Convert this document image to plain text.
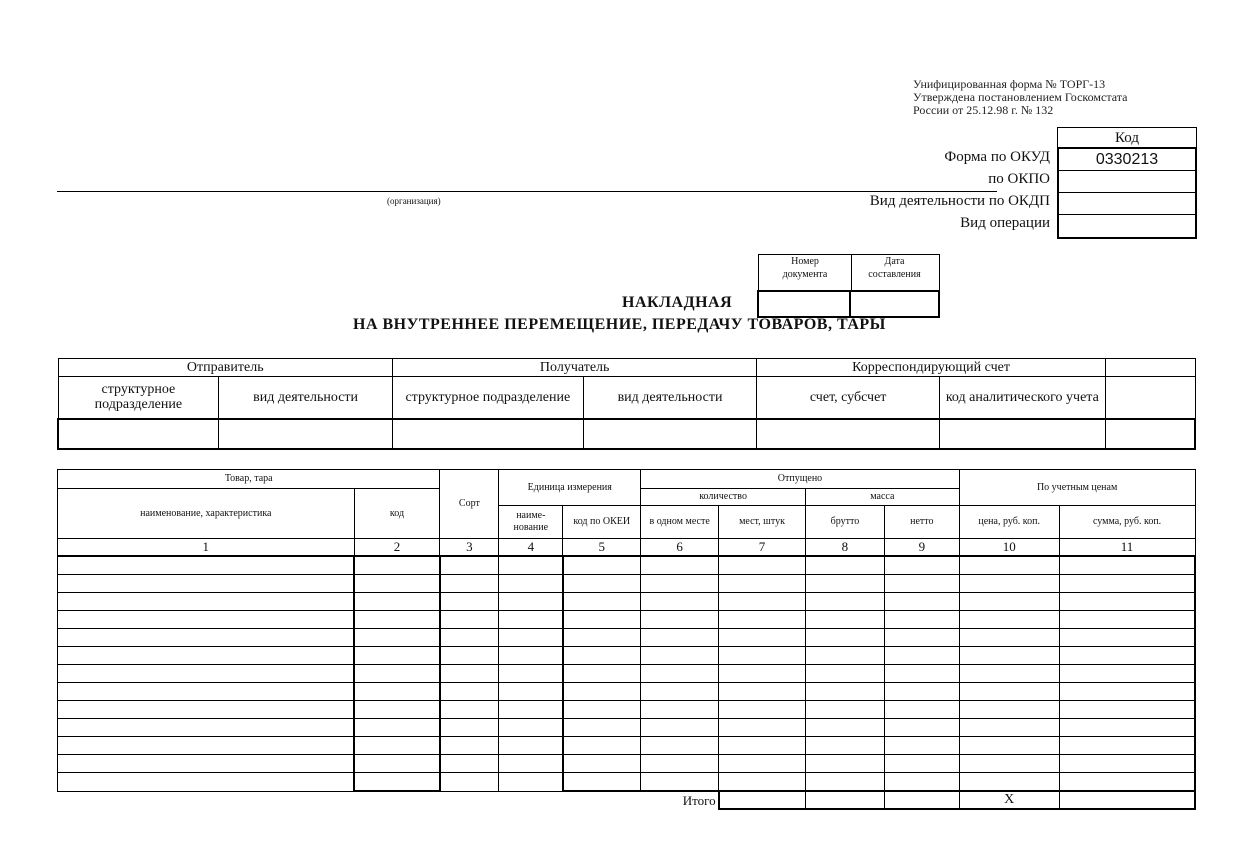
Унифицированная форма № ТОРГ-13
Утверждена постановлением Госкомстата
России от 25.12.98 г. № 132
Код
0330213
Форма по ОКУД
по ОКПО
Вид деятельности по ОКДП
Вид операции
(организация)
Номер
документа
Дата
составления
НАКЛАДНАЯ
НА ВНУТРЕННЕЕ ПЕРЕМЕЩЕНИЕ, ПЕРЕДАЧУ ТОВАРОВ, ТАРЫ
Отправитель		Получатель		Корреспондирующий счет		
структурное подразделение	вид деятельности	структурное подразделение	вид деятельности	счет, субсчет	код аналитического учета	

Товар, тара		Сорт	Единица измерения		Отпущено				По учетным ценам	
наименование, характеристика	код				количество		масса			
			наиме-нование	код по ОКЕИ	в одном месте	мест, штук	брутто	нетто	цена, руб. коп.	сумма, руб. коп.
1	2	3	4	5	6	7	8	9	10	11

					Итого				X	
